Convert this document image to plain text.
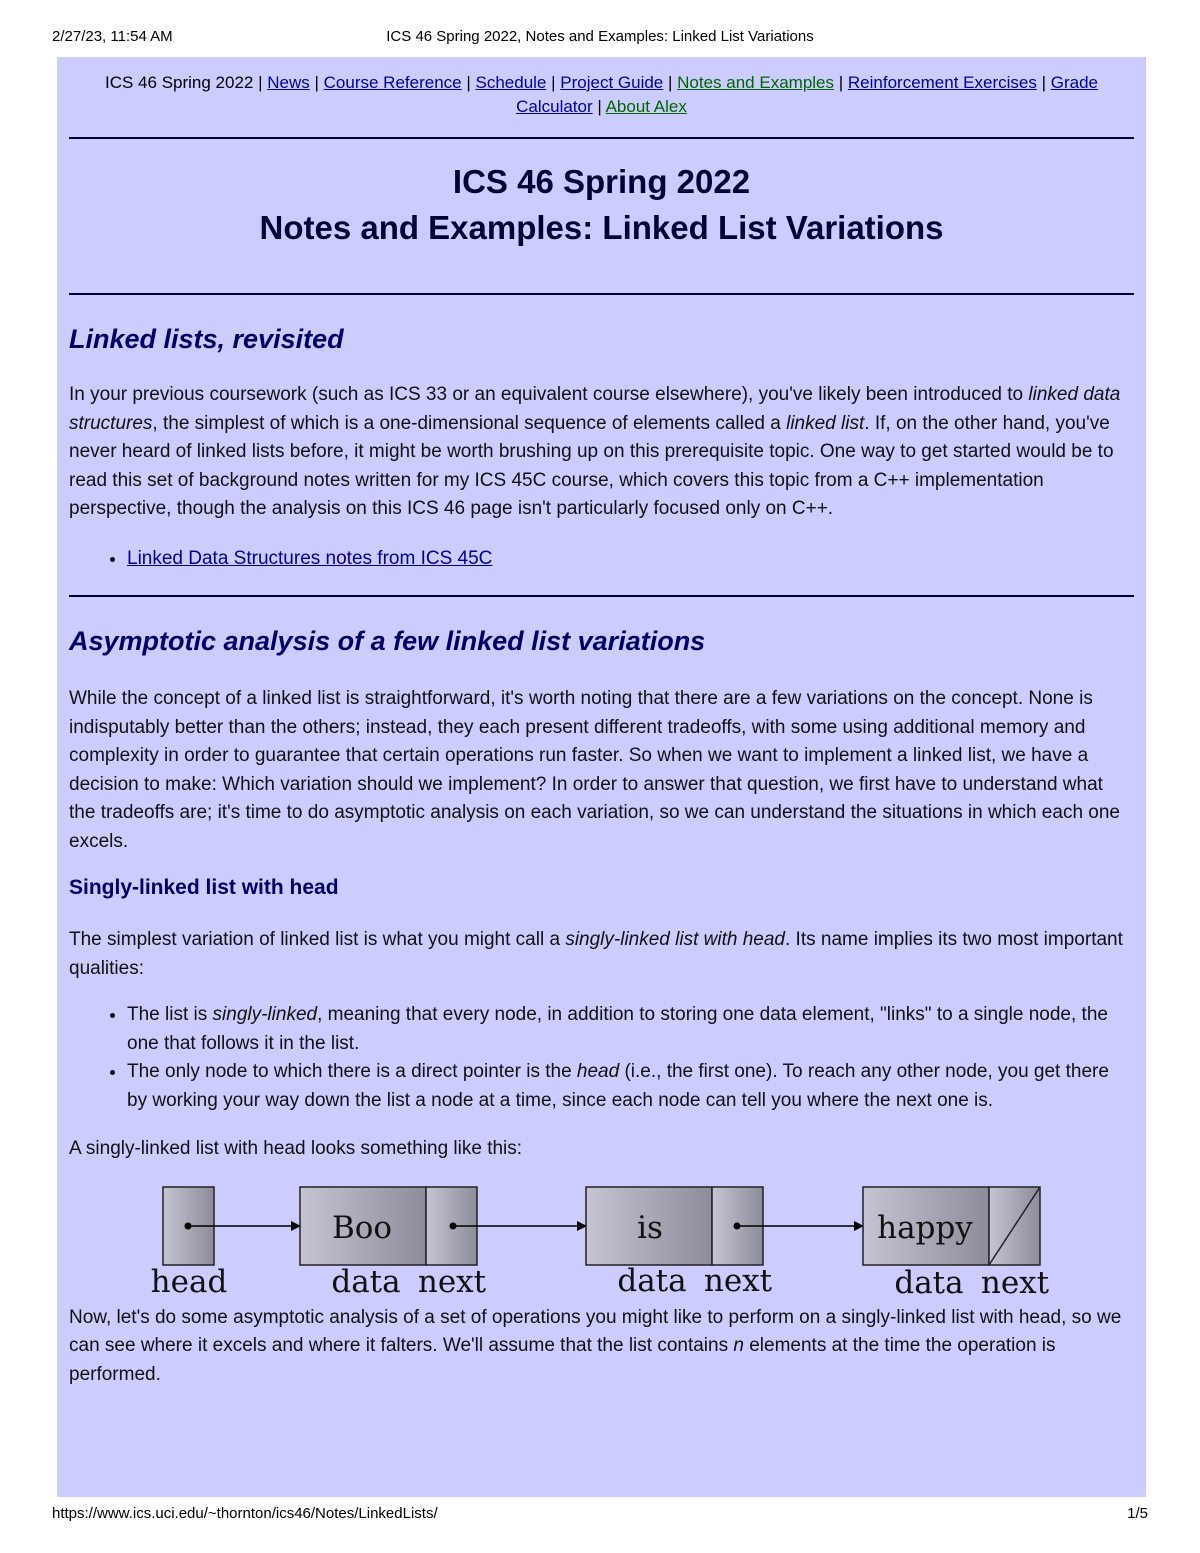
2/27/23, 11:54 AM	ICS 46 Spring 2022, Notes and Examples: Linked List Variations
ICS 46 Spring 2022 | News | Course Reference | Schedule | Project Guide | Notes and Examples | Reinforcement Exercises | Grade Calculator | About Alex
ICS 46 Spring 2022
Notes and Examples: Linked List Variations
Linked lists, revisited

In your previous coursework (such as ICS 33 or an equivalent course elsewhere), you've likely been introduced to linked data structures, the simplest of which is a one-dimensional sequence of elements called a linked list. If, on the other hand, you've never heard of linked lists before, it might be worth brushing up on this prerequisite topic. One way to get started would be to read this set of background notes written for my ICS 45C course, which covers this topic from a C++ implementation perspective, though the analysis on this ICS 46 page isn't particularly focused only on C++.

• Linked Data Structures notes from ICS 45C
Asymptotic analysis of a few linked list variations

While the concept of a linked list is straightforward, it's worth noting that there are a few variations on the concept. None is indisputably better than the others; instead, they each present different tradeoffs, with some using additional memory and complexity in order to guarantee that certain operations run faster. So when we want to implement a linked list, we have a decision to make: Which variation should we implement? In order to answer that question, we first have to understand what the tradeoffs are; it's time to do asymptotic analysis on each variation, so we can understand the situations in which each one excels.

Singly-linked list with head

The simplest variation of linked list is what you might call a singly-linked list with head. Its name implies its two most important qualities:

• The list is singly-linked, meaning that every node, in addition to storing one data element, "links" to a single node, the one that follows it in the list.
• The only node to which there is a direct pointer is the head (i.e., the first one). To reach any other node, you get there by working your way down the list a node at a time, since each node can tell you where the next one is.

A singly-linked list with head looks something like this:

head
Boo
data next
is
data next
happy
data next

Now, let's do some asymptotic analysis of a set of operations you might like to perform on a singly-linked list with head, so we can see where it excels and where it falters. We'll assume that the list contains n elements at the time the operation is performed.

https://www.ics.uci.edu/~thornton/ics46/Notes/LinkedLists/	1/5
